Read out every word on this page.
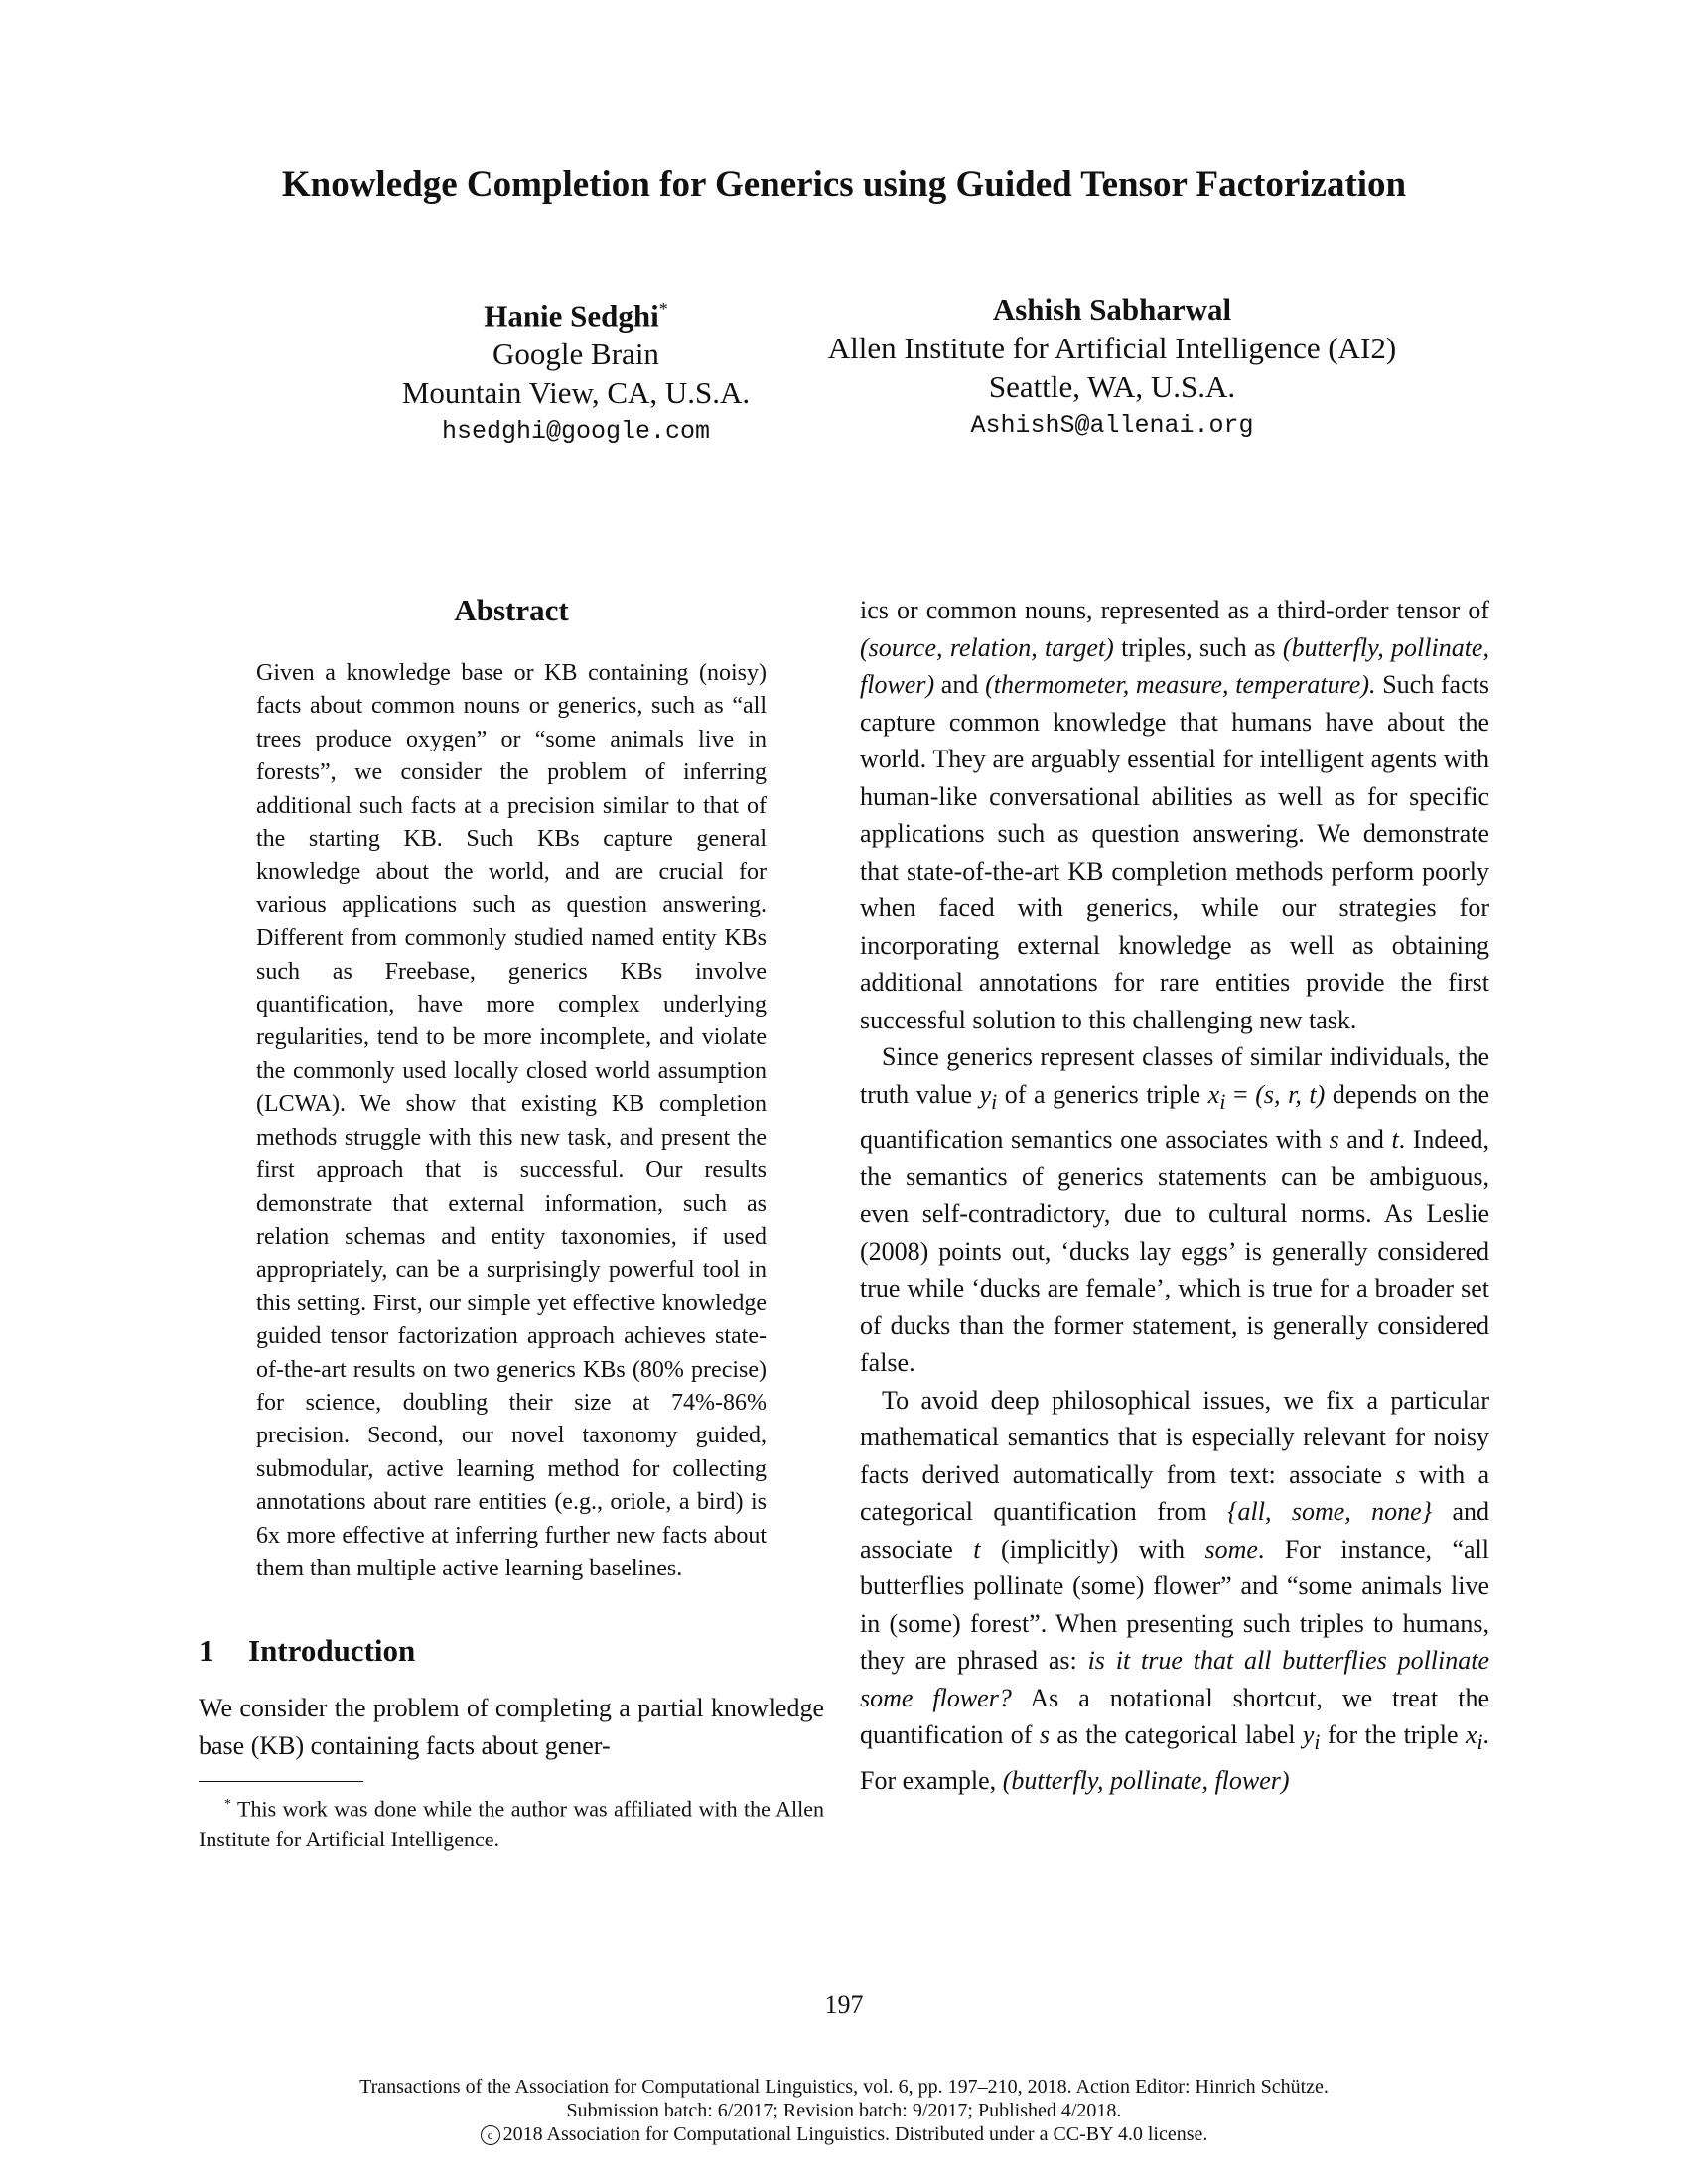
Knowledge Completion for Generics using Guided Tensor Factorization
Hanie Sedghi*
Google Brain
Mountain View, CA, U.S.A.
hsedghi@google.com
Ashish Sabharwal
Allen Institute for Artificial Intelligence (AI2)
Seattle, WA, U.S.A.
AshishS@allenai.org
Abstract

Given a knowledge base or KB containing (noisy) facts about common nouns or generics, such as “all trees produce oxygen” or “some animals live in forests”, we consider the problem of inferring additional such facts at a precision similar to that of the starting KB. Such KBs capture general knowledge about the world, and are crucial for various applications such as question answering. Different from commonly studied named entity KBs such as Freebase, generics KBs involve quantification, have more complex underlying regularities, tend to be more incomplete, and violate the commonly used locally closed world assumption (LCWA). We show that existing KB completion methods struggle with this new task, and present the first approach that is successful. Our results demonstrate that external information, such as relation schemas and entity taxonomies, if used appropriately, can be a surprisingly powerful tool in this setting. First, our simple yet effective knowledge guided tensor factorization approach achieves state-of-the-art results on two generics KBs (80% precise) for science, doubling their size at 74%-86% precision. Second, our novel taxonomy guided, submodular, active learning method for collecting annotations about rare entities (e.g., oriole, a bird) is 6x more effective at inferring further new facts about them than multiple active learning baselines.

1 Introduction

We consider the problem of completing a partial knowledge base (KB) containing facts about gener-

* This work was done while the author was affiliated with the Allen Institute for Artificial Intelligence.

ics or common nouns, represented as a third-order tensor of (source, relation, target) triples, such as (butterfly, pollinate, flower) and (thermometer, measure, temperature). Such facts capture common knowledge that humans have about the world. They are arguably essential for intelligent agents with human-like conversational abilities as well as for specific applications such as question answering. We demonstrate that state-of-the-art KB completion methods perform poorly when faced with generics, while our strategies for incorporating external knowledge as well as obtaining additional annotations for rare entities provide the first successful solution to this challenging new task.

Since generics represent classes of similar individuals, the truth value $y_i$ of a generics triple $x_i = (s$, r, t) depends on the quantification semantics one associates with s and t. Indeed, the semantics of generics statements can be ambiguous, even self-contradictory, due to cultural norms. As Leslie (2008) points out, ‘ducks lay eggs’ is generally considered true while ‘ducks are female’, which is true for a broader set of ducks than the former statement, is generally considered false.

To avoid deep philosophical issues, we fix a particular mathematical semantics that is especially relevant for noisy facts derived automatically from text: associate s with a categorical quantification from {all, some, none} and associate t (implicitly) with some. For instance, “all butterflies pollinate (some) flower” and “some animals live in (some) forest”. When presenting such triples to humans, they are phrased as: is it true that all butterflies pollinate some flower? As a notational shortcut, we treat the quantification of s as the categorical label $y_i$ for the triple $x_i$. For example, (butterfly, pollinate, flower)

197
Transactions of the Association for Computational Linguistics, vol. 6, pp. 197–210, 2018. Action Editor: Hinrich Schütze.
Submission batch: 6/2017; Revision batch: 9/2017; Published 4/2018.
c 2018 Association for Computational Linguistics. Distributed under a CC-BY 4.0 license.
